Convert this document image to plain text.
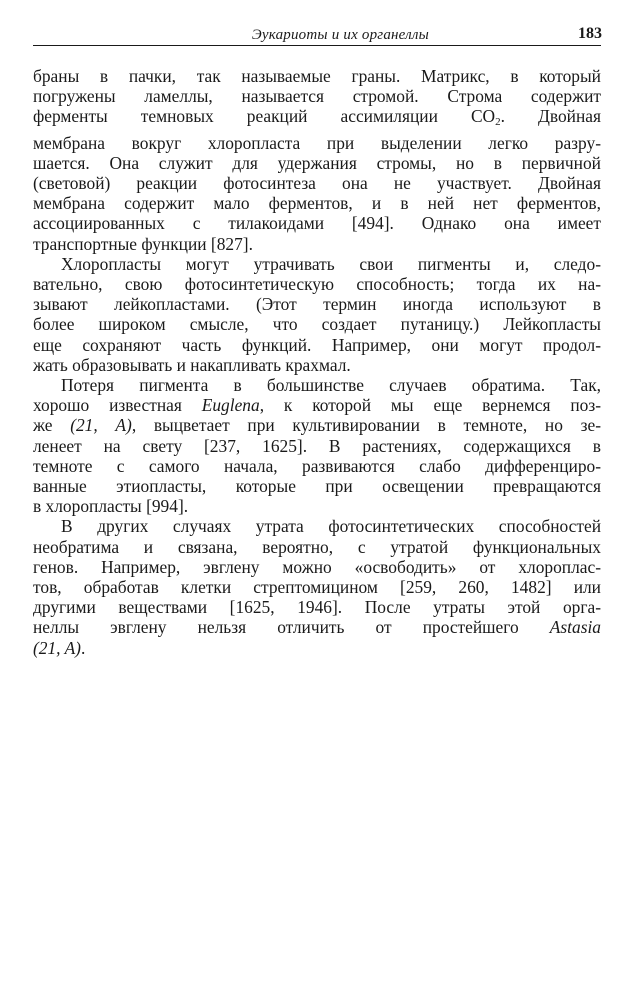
Эукариоты и их органеллы	183

браны в пачки, так называемые граны. Матрикс, в который
погружены ламеллы, называется стромой. Строма содержит
ферменты темновых реакций ассимиляции $CO_2$. Двойная
мембрана вокруг хлоропласта при выделении легко разру-
шается. Она служит для удержания стромы, но в первичной
(световой) реакции фотосинтеза она не участвует. Двойная
мембрана содержит мало ферментов, и в ней нет ферментов,
ассоциированных с тилакоидами [494]. Однако она имеет
транспортные функции [827].

Хлоропласты могут утрачивать свои пигменты и, следо-
вательно, свою фотосинтетическую способность; тогда их на-
зывают лейкопластами. (Этот термин иногда используют в
более широком смысле, что создает путаницу.) Лейкопласты
еще сохраняют часть функций. Например, они могут продол-
жать образовывать и накапливать крахмал.

Потеря пигмента в большинстве случаев обратима. Так,
хорошо известная Euglena, к которой мы еще вернемся поз-
же (21, A), выцветает при культивировании в темноте, но зе-
ленеет на свету [237, 1625]. В растениях, содержащихся в
темноте с самого начала, развиваются слабо дифференциро-
ванные этиопласты, которые при освещении превращаются
в хлоропласты [994].

В других случаях утрата фотосинтетических способностей
необратима и связана, вероятно, с утратой функциональных
генов. Например, эвглену можно «освободить» от хлороплас-
тов, обработав клетки стрептомицином [259, 260, 1482] или
другими веществами [1625, 1946]. После утраты этой орга-
неллы эвглену нельзя отличить от простейшего Astasia
(21, A).
